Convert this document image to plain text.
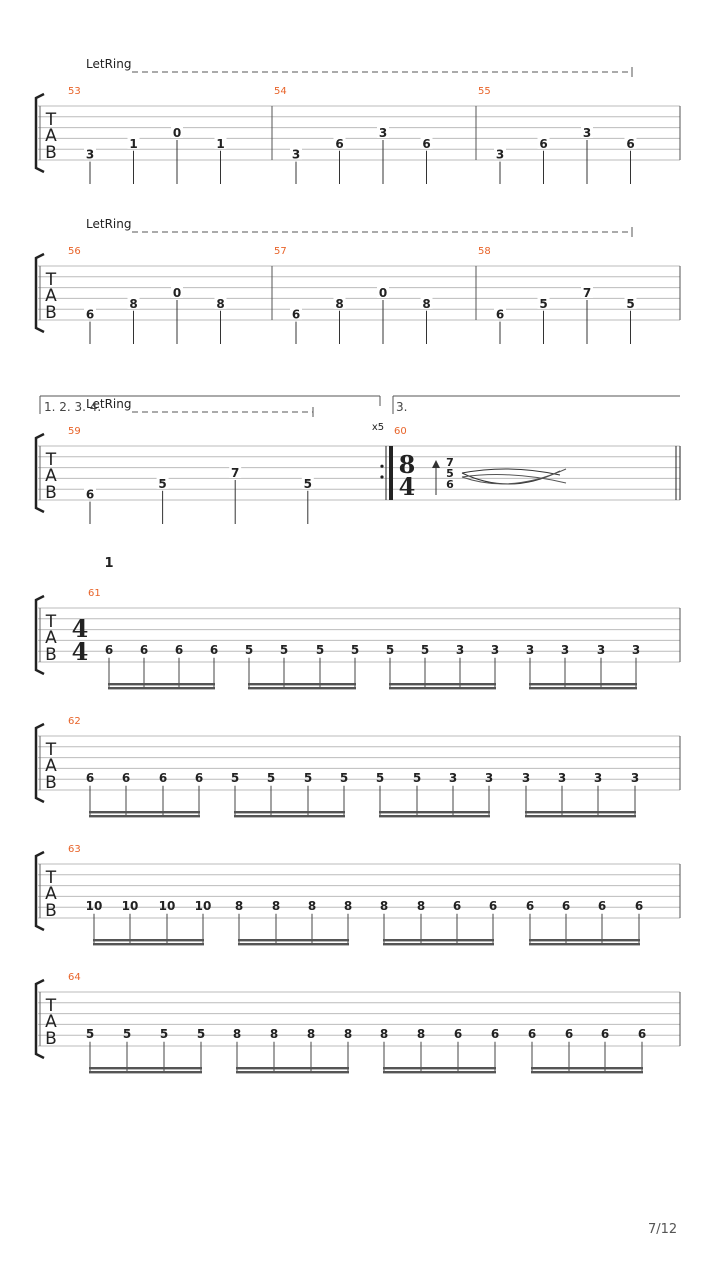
T
A
B
LetRing
53
3
1
0
1
54
3
6
3
6
55
3
6
3
6
T
A
B
LetRing
56
6
8
0
8
57
6
8
0
8
58
6
5
7
5
T
A
B
LetRing
59
6
5
7
5
60
7
5
6
x5
8
4
1. 2. 3. 4.	3.
1
T
A
B
61
4
4 6 6 6 6 5 5 5 5 5 5 3 3 3 3 3 3
T
A
B
62
6 6 6 6 5 5 5 5 5 5 3 3 3 3 3 3
T
A
B
63
10 10 10 10 8 8 8 8 8 8 6 6 6 6 6 6
T
A
B
64
5 5 5 5 8 8 8 8 8 8 6 6 6 6 6 6
7/12
